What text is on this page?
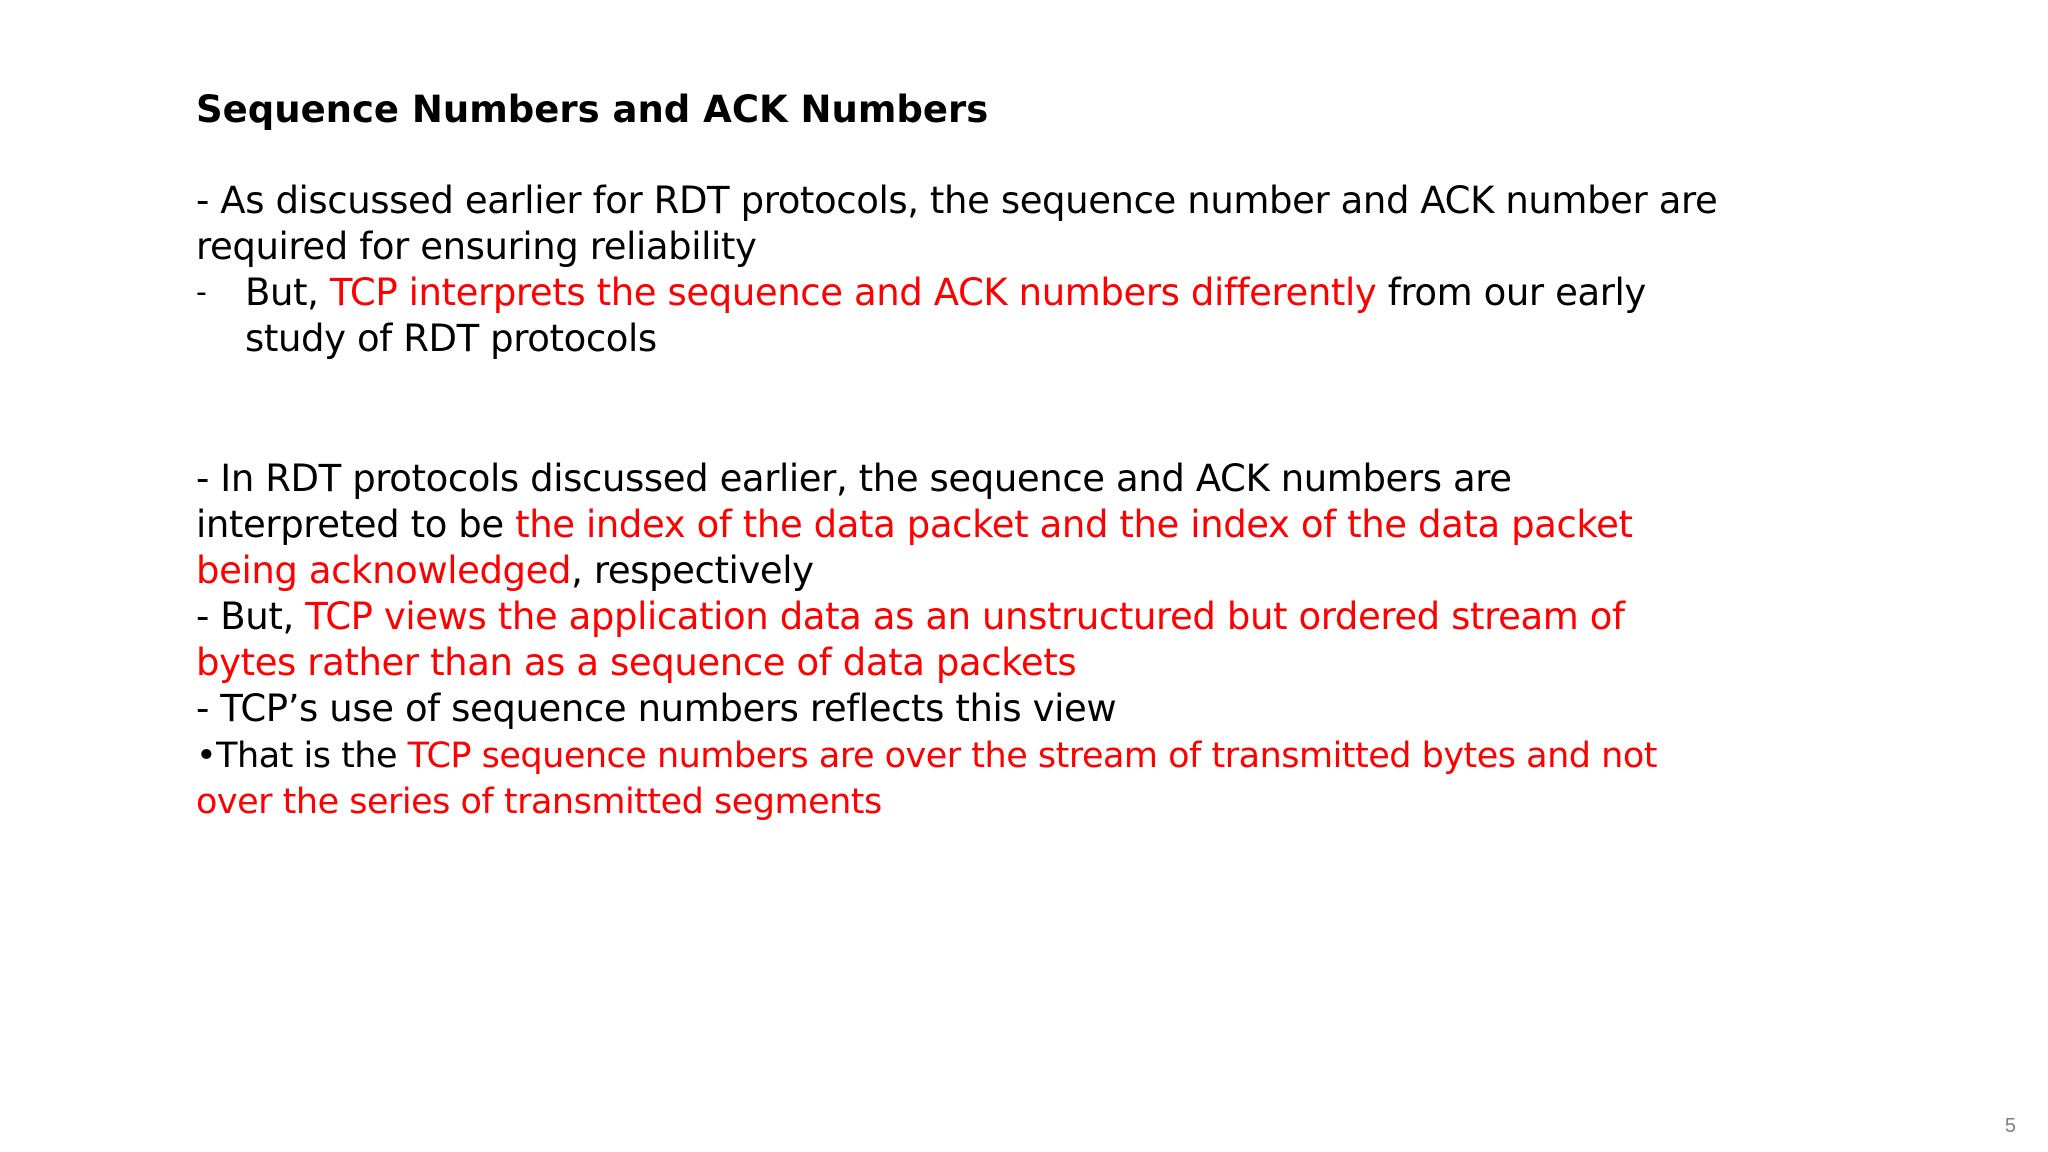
Sequence Numbers and ACK Numbers
- As discussed earlier for RDT protocols, the sequence number and ACK number are
required for ensuring reliability
- But, TCP interprets the sequence and ACK numbers differently from our early
study of RDT protocols
- In RDT protocols discussed earlier, the sequence and ACK numbers are
interpreted to be the index of the data packet and the index of the data packet
being acknowledged, respectively
- But, TCP views the application data as an unstructured but ordered stream of
bytes rather than as a sequence of data packets
- TCP’s use of sequence numbers reflects this view
•That is the TCP sequence numbers are over the stream of transmitted bytes and not
over the series of transmitted segments
5
